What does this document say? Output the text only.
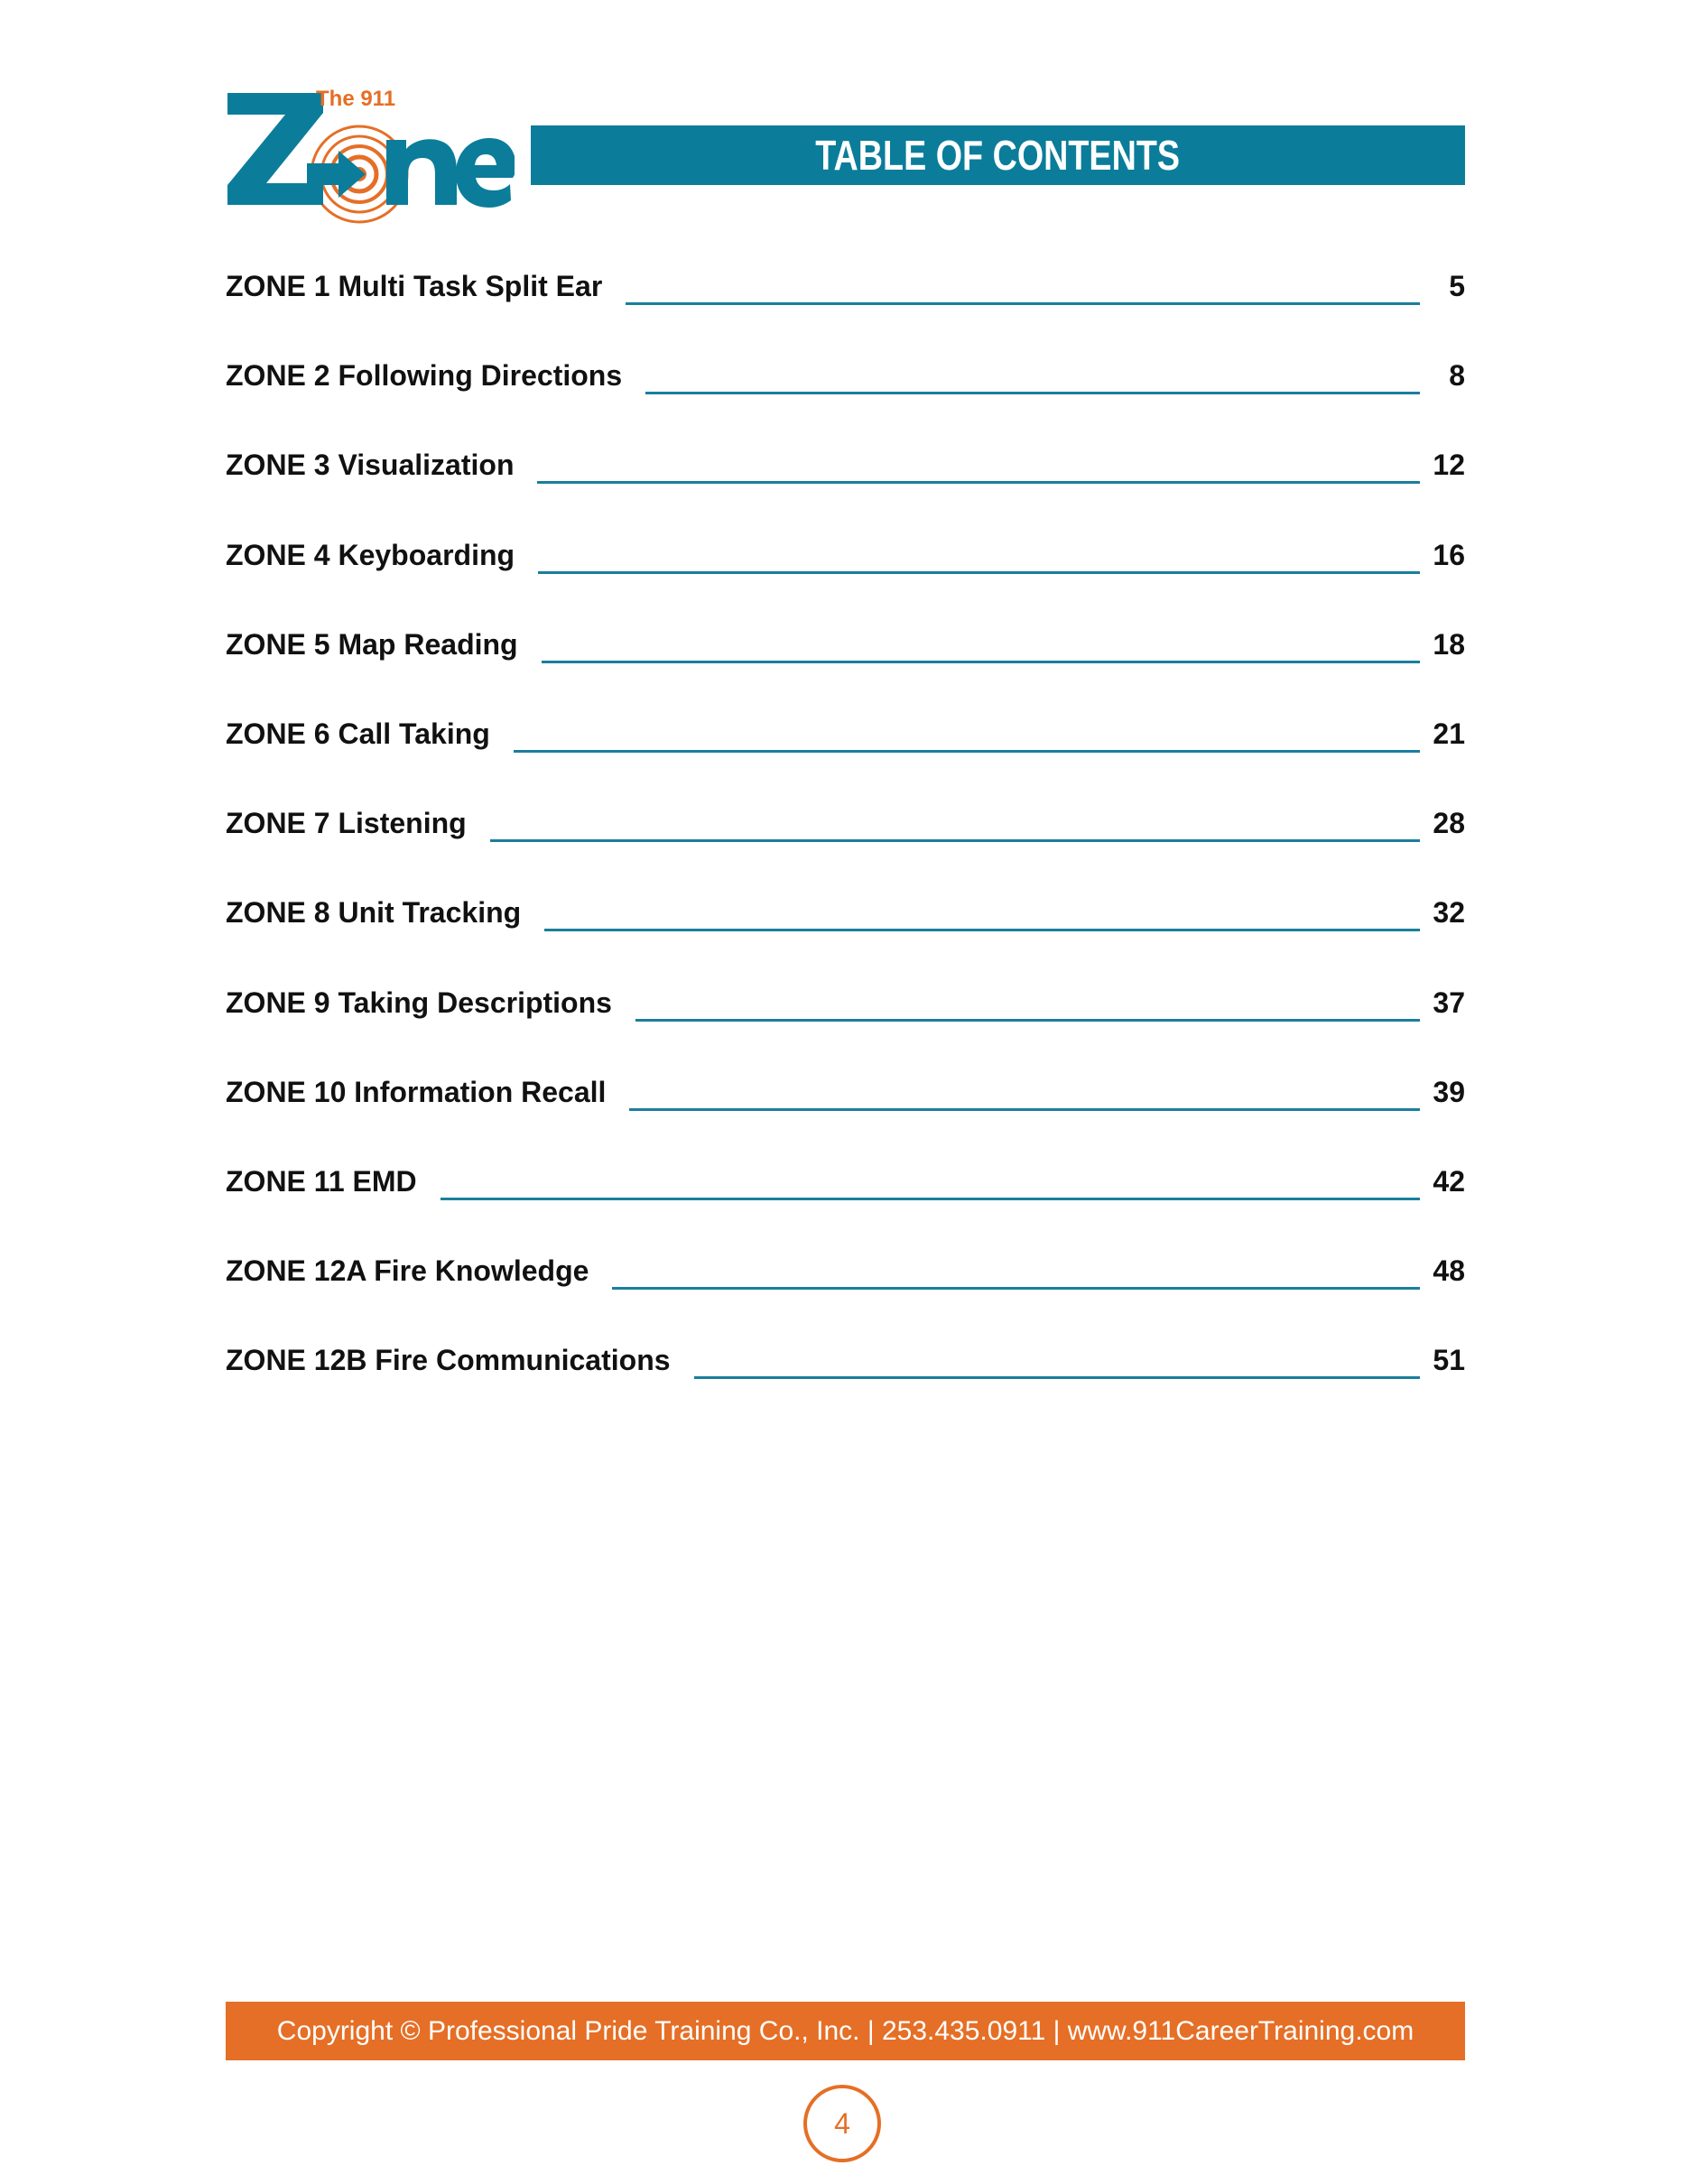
The 911
TABLE OF CONTENTS
ZONE 1 Multi Task Split Ear	5
ZONE 2 Following Directions	8
ZONE 3 Visualization	12
ZONE 4 Keyboarding	16
ZONE 5 Map Reading	18
ZONE 6 Call Taking	21
ZONE 7 Listening	28
ZONE 8 Unit Tracking	32
ZONE 9 Taking Descriptions	37
ZONE 10 Information Recall	39
ZONE 11 EMD	42
ZONE 12A Fire Knowledge	48
ZONE 12B Fire Communications	51
Copyright © Professional Pride Training Co., Inc. | 253.435.0911 | www.911CareerTraining.com
4
